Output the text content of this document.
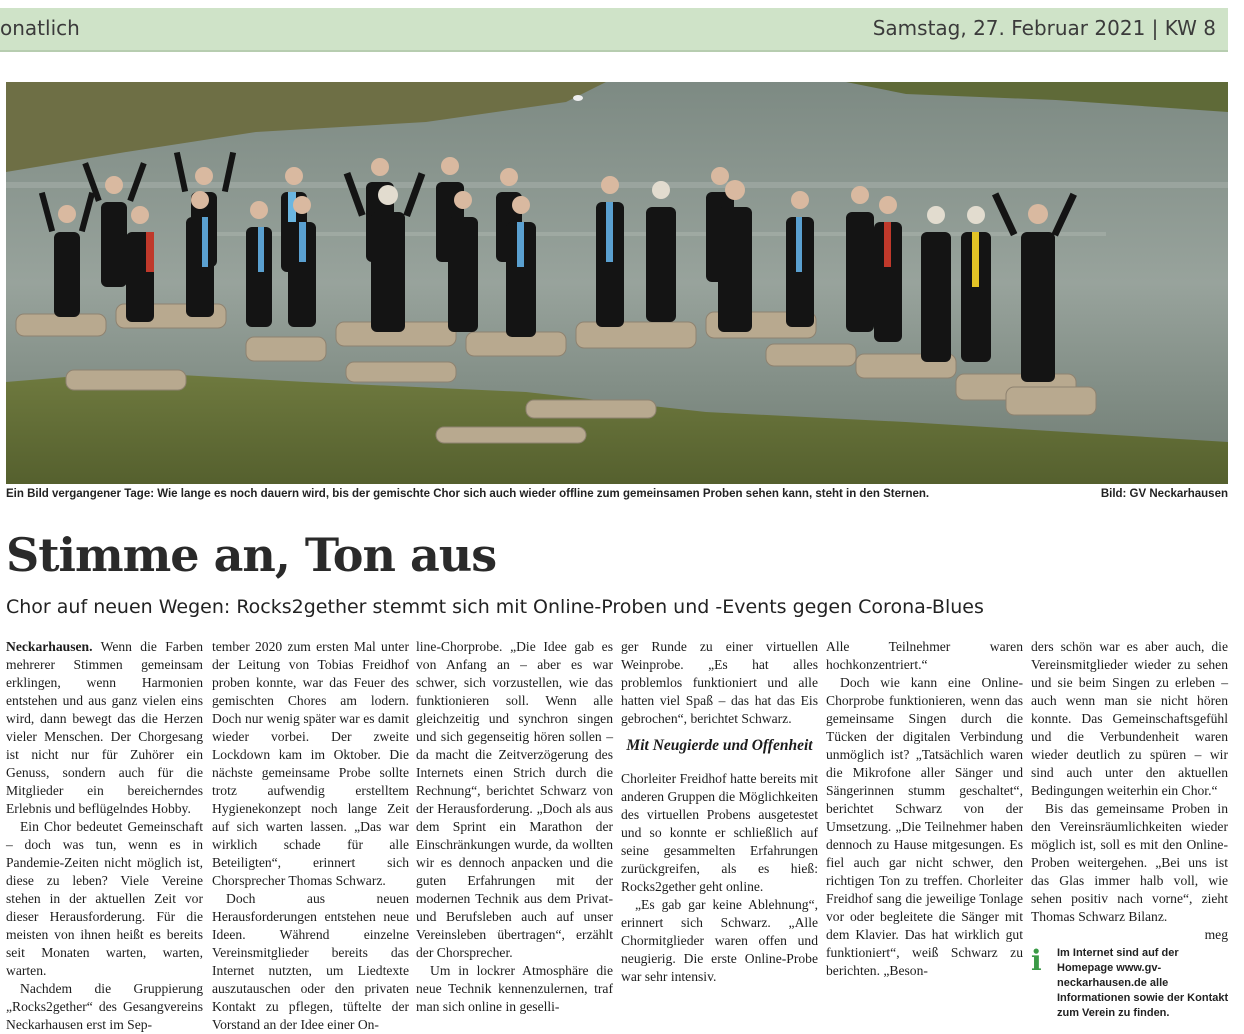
onatlich	Samstag, 27. Februar 2021 | KW 8
Ein Bild vergangener Tage: Wie lange es noch dauern wird, bis der gemischte Chor sich auch wieder offline zum gemeinsamen Proben sehen kann, steht in den Sternen.	Bild: GV Neckarhausen
Stimme an, Ton aus
Chor auf neuen Wegen: Rocks2gether stemmt sich mit Online-Proben und -Events gegen Corona-Blues

Neckarhausen. Wenn die Farben mehrerer Stimmen gemeinsam erklingen, wenn Harmonien entstehen und aus ganz vielen eins wird, dann bewegt das die Herzen vieler Menschen. Der Chorgesang ist nicht nur für Zuhörer ein Genuss, sondern auch für die Mitglieder ein bereicherndes Erlebnis und beflügelndes Hobby.

Ein Chor bedeutet Gemeinschaft – doch was tun, wenn es in Pandemie-Zeiten nicht möglich ist, diese zu leben? Viele Vereine stehen in der aktuellen Zeit vor dieser Herausforderung. Für die meisten von ihnen heißt es bereits seit Monaten warten, warten, warten.

Nachdem die Gruppierung „Rocks2gether“ des Gesangvereins Neckarhausen erst im Sep-

tember 2020 zum ersten Mal unter der Leitung von Tobias Freidhof proben konnte, war das Feuer des gemischten Chores am lodern. Doch nur wenig später war es damit wieder vorbei. Der zweite Lockdown kam im Oktober. Die nächste gemeinsame Probe sollte trotz aufwendig erstelltem Hygienekonzept noch lange Zeit auf sich warten lassen. „Das war wirklich schade für alle Beteiligten“, erinnert sich Chorsprecher Thomas Schwarz.

Doch aus neuen Herausforderungen entstehen neue Ideen. Während einzelne Vereinsmitglieder bereits das Internet nutzten, um Liedtexte auszutauschen oder den privaten Kontakt zu pflegen, tüftelte der Vorstand an der Idee einer On-

line-Chorprobe. „Die Idee gab es von Anfang an – aber es war schwer, sich vorzustellen, wie das funktionieren soll. Wenn alle gleichzeitig und synchron singen und sich gegenseitig hören sollen – da macht die Zeitverzögerung des Internets einen Strich durch die Rechnung“, berichtet Schwarz von der Herausforderung. „Doch als aus dem Sprint ein Marathon der Einschränkungen wurde, da wollten wir es dennoch anpacken und die guten Erfahrungen mit der modernen Technik aus dem Privat- und Berufsleben auch auf unser Vereinsleben übertragen“, erzählt der Chorsprecher.

Um in lockrer Atmosphäre die neue Technik kennenzulernen, traf man sich online in geselli-

ger Runde zu einer virtuellen Weinprobe. „Es hat alles problemlos funktioniert und alle hatten viel Spaß – das hat das Eis gebrochen“, berichtet Schwarz.

Mit Neugierde und Offenheit

Chorleiter Freidhof hatte bereits mit anderen Gruppen die Möglichkeiten des virtuellen Probens ausgetestet und so konnte er schließlich auf seine gesammelten Erfahrungen zurückgreifen, als es hieß: Rocks2gether geht online.

„Es gab gar keine Ablehnung“, erinnert sich Schwarz. „Alle Chormitglieder waren offen und neugierig. Die erste Online-Probe war sehr intensiv.

Alle Teilnehmer waren hochkonzentriert.“

Doch wie kann eine Online-Chorprobe funktionieren, wenn das gemeinsame Singen durch die Tücken der digitalen Verbindung unmöglich ist? „Tatsächlich waren die Mikrofone aller Sänger und Sängerinnen stumm geschaltet“, berichtet Schwarz von der Umsetzung. „Die Teilnehmer haben dennoch zu Hause mitgesungen. Es fiel auch gar nicht schwer, den richtigen Ton zu treffen. Chorleiter Freidhof sang die jeweilige Tonlage vor oder begleitete die Sänger mit dem Klavier. Das hat wirklich gut funktioniert“, weiß Schwarz zu berichten. „Beson-

ders schön war es aber auch, die Vereinsmitglieder wieder zu sehen und sie beim Singen zu erleben – auch wenn man sie nicht hören konnte. Das Gemeinschaftsgefühl und die Verbundenheit waren wieder deutlich zu spüren – wir sind auch unter den aktuellen Bedingungen weiterhin ein Chor.“

Bis das gemeinsame Proben in den Vereinsräumlichkeiten wieder möglich ist, soll es mit den Online-Proben weitergehen. „Bei uns ist das Glas immer halb voll, wie sehen positiv nach vorne“, zieht Thomas Schwarz Bilanz.

meg
i Im Internet sind auf der Homepage www.gv-neckarhausen.de alle Informationen sowie der Kontakt zum Verein zu finden.
